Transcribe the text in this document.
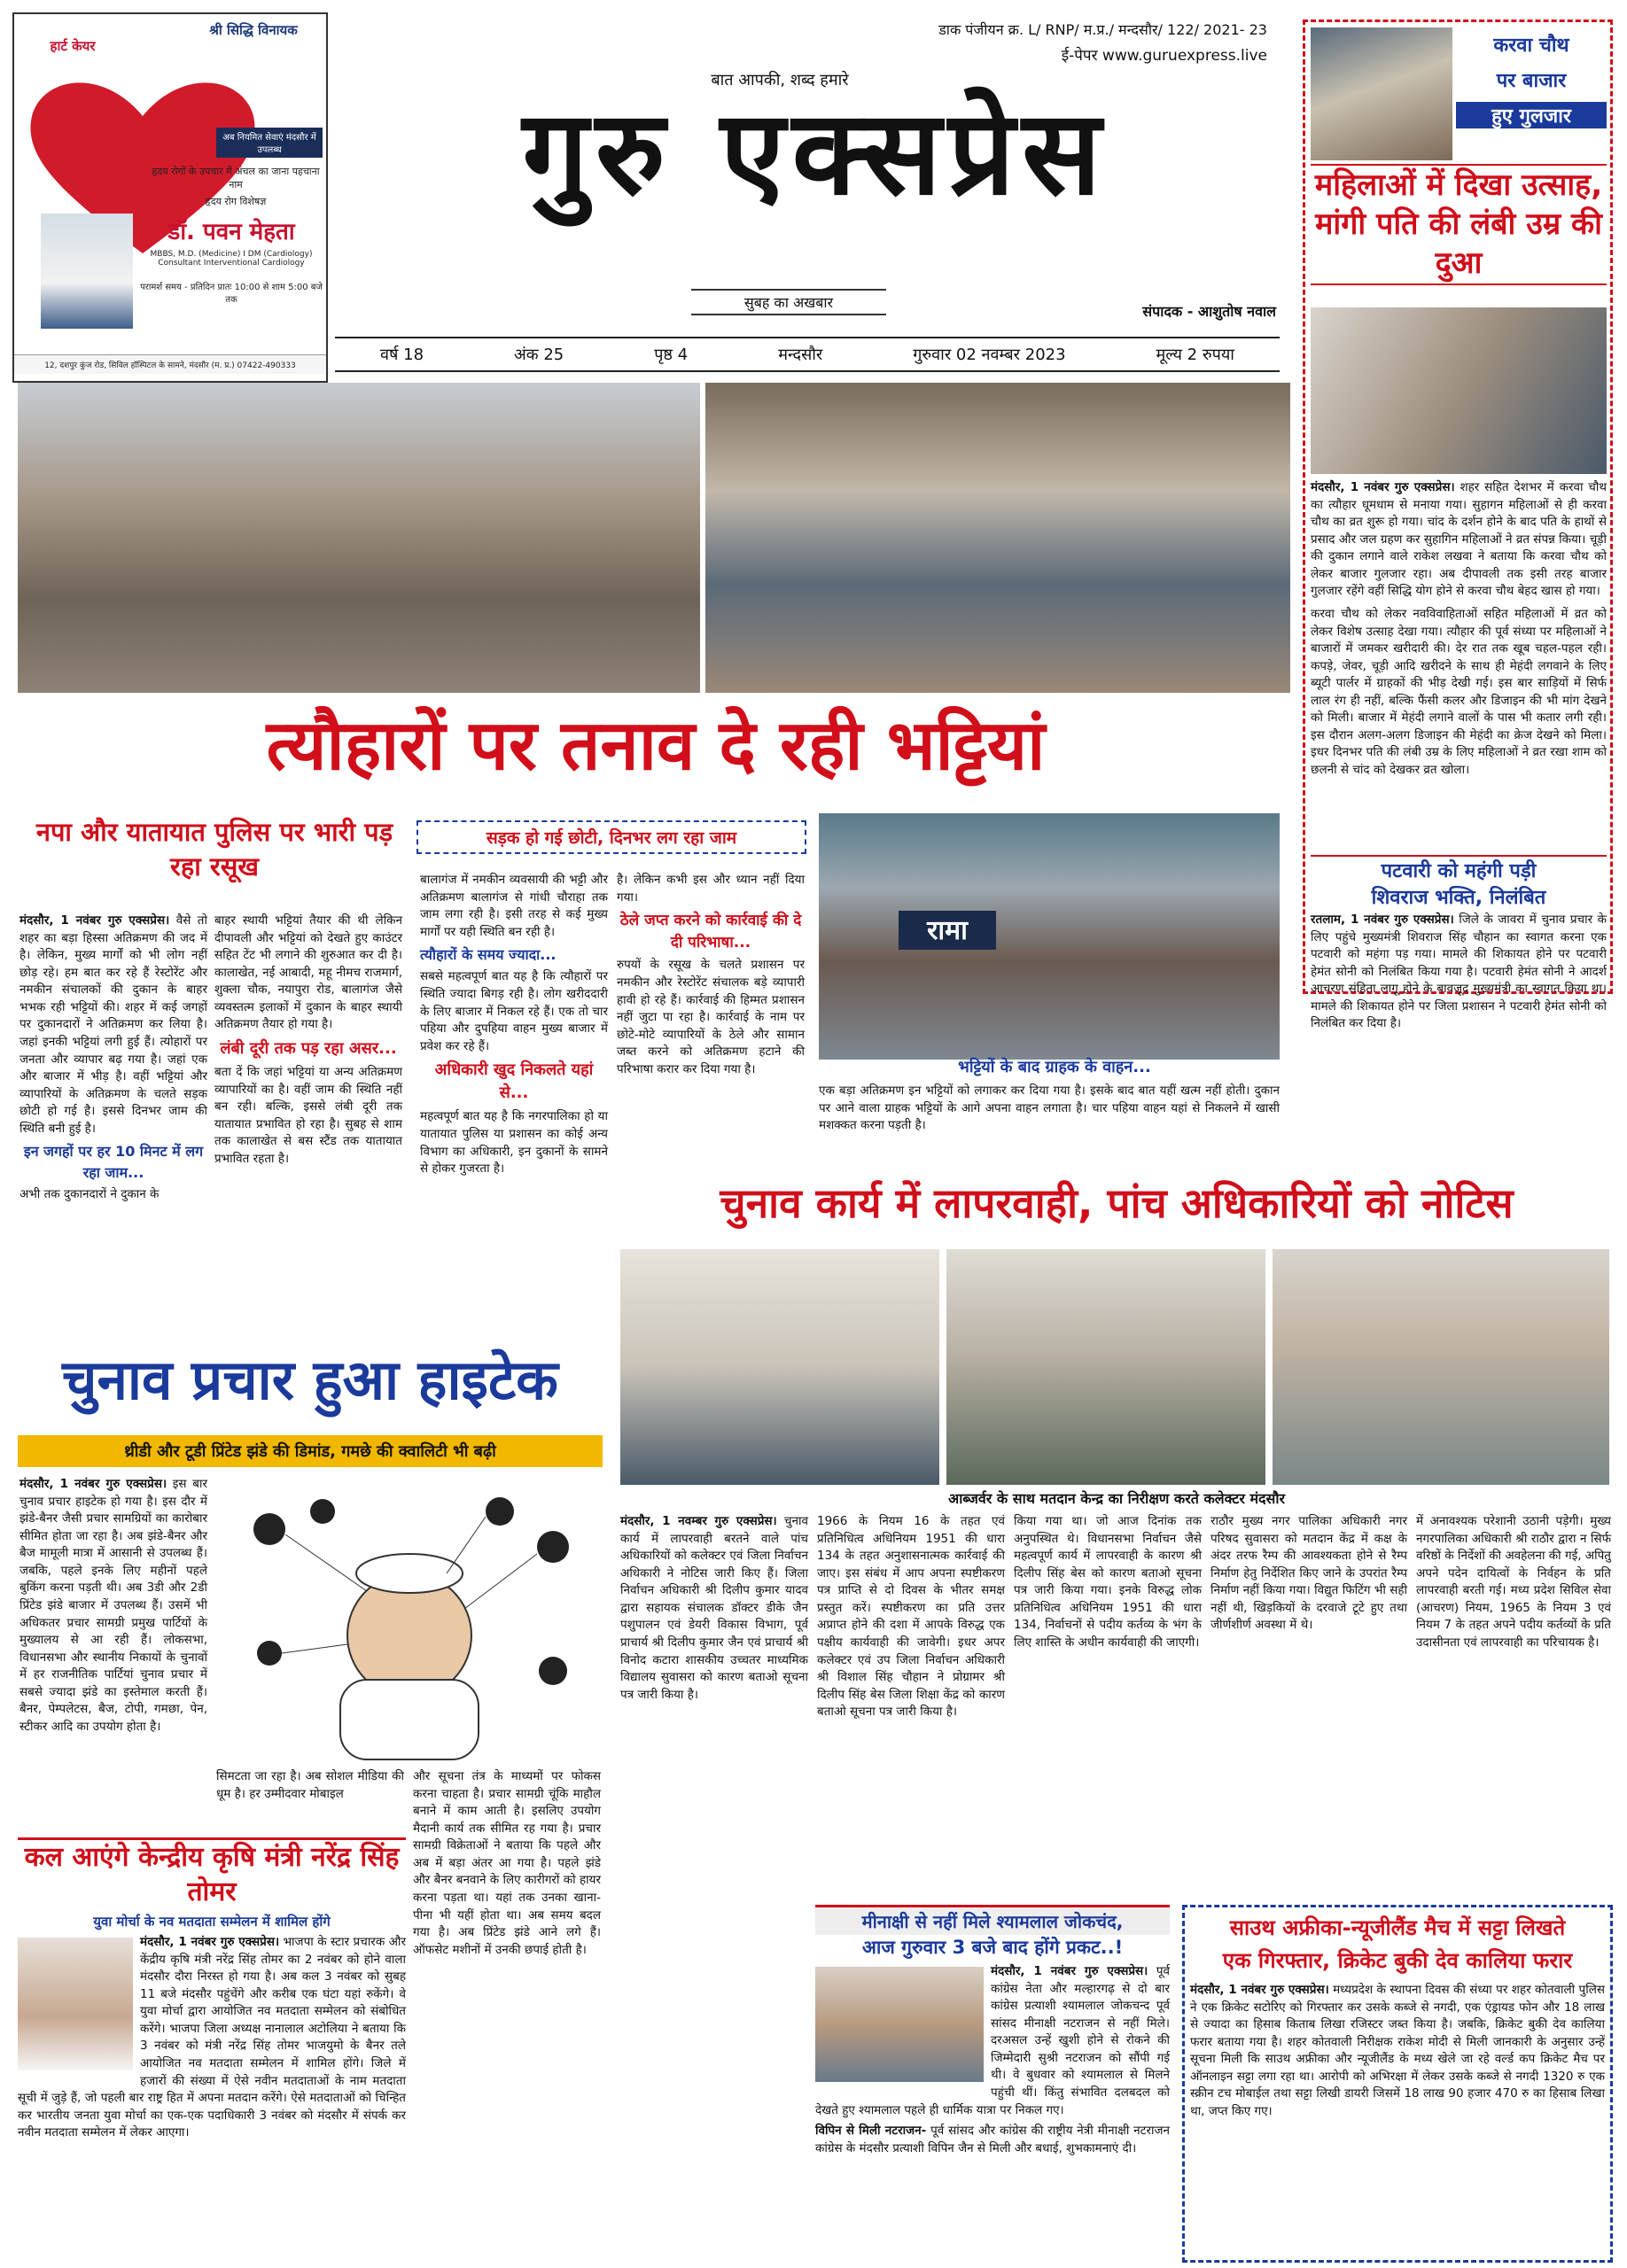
हार्ट केयर
श्री सिद्धि विनायक
अब नियमित सेवाएं मंदसौर में उपलब्ध
हृदय रोगों के उपचार में अंचल का जाना पहचाना नाम
हृदय रोग विशेषज्ञ
डॉ. पवन मेहता
MBBS, M.D. (Medicine) I DM (Cardiology) Consultant Interventional Cardiology
परामर्श समय - प्रतिदिन प्रातः 10:00 से शाम 5:00 बजे तक
12, दशपुर कुंज रोड, सिविल हॉस्पिटल के सामने, मंदसौर (म. प्र.) 07422-490333
डाक पंजीयन क्र. L/ RNP/ म.प्र./ मन्दसौर/ 122/ 2021- 23
ई-पेपर www.guruexpress.live
बात आपकी, शब्द हमारे
गुरु एक्सप्रेस
सुबह का अखबार
संपादक - आशुतोष नवाल
वर्ष 18	अंक 25	पृष्ठ 4	मन्दसौर	गुरुवार 02 नवम्बर 2023	मूल्य 2 रुपया
करवा चौथ
पर बाजार
हुए गुलजार
महिलाओं में दिखा उत्साह, मांगी पति की लंबी उम्र की दुआ
मंदसौर, 1 नवंबर गुरु एक्सप्रेस। शहर सहित देशभर में करवा चौथ का त्यौहार धूमधाम से मनाया गया। सुहागन महिलाओं से ही करवा चौथ का व्रत शुरू हो गया। चांद के दर्शन होने के बाद पति के हाथों से प्रसाद और जल ग्रहण कर सुहागिन महिलाओं ने व्रत संपन्न किया। चूड़ी की दुकान लगाने वाले राकेश लखवा ने बताया कि करवा चौथ को लेकर बाजार गुलजार रहा। अब दीपावली तक इसी तरह बाजार गुलजार रहेंगे वहीं सिद्धि योग होने से करवा चौथ बेहद खास हो गया।
करवा चौथ को लेकर नवविवाहिताओं सहित महिलाओं में व्रत को लेकर विशेष उत्साह देखा गया। त्यौहार की पूर्व संध्या पर महिलाओं ने बाजारों में जमकर खरीदारी की। देर रात तक खूब चहल-पहल रही। कपड़े, जेवर, चूड़ी आदि खरीदने के साथ ही मेहंदी लगवाने के लिए ब्यूटी पार्लर में ग्राहकों की भीड़ देखी गई। इस बार साड़ियों में सिर्फ लाल रंग ही नहीं, बल्कि फैंसी कलर और डिजाइन की भी मांग देखने को मिली। बाजार में मेहंदी लगाने वालों के पास भी कतार लगी रही। इस दौरान अलग-अलग डिजाइन की मेहंदी का क्रेज देखने को मिला। इधर दिनभर पति की लंबी उम्र के लिए महिलाओं ने व्रत रखा शाम को छलनी से चांद को देखकर व्रत खोला।
पटवारी को महंगी पड़ी
शिवराज भक्ति, निलंबित
रतलाम, 1 नवंबर गुरु एक्सप्रेस। जिले के जावरा में चुनाव प्रचार के लिए पहुंचे मुख्यमंत्री शिवराज सिंह चौहान का स्वागत करना एक पटवारी को महंगा पड़ गया। मामले की शिकायत होने पर पटवारी हेमंत सोनी को निलंबित किया गया है। पटवारी हेमंत सोनी ने आदर्श आचरण संहिता लागू होने के बावजूद मुख्यमंत्री का स्वागत किया था। मामले की शिकायत होने पर जिला प्रशासन ने पटवारी हेमंत सोनी को निलंबित कर दिया है।
त्यौहारों पर तनाव दे रही भट्टियां
नपा और यातायात पुलिस पर भारी पड़ रहा रसूख
सड़क हो गई छोटी, दिनभर लग रहा जाम
मंदसौर, 1 नवंबर गुरु एक्सप्रेस। वैसे तो शहर का बड़ा हिस्सा अतिक्रमण की जद में है। लेकिन, मुख्य मार्गों को भी लोग नहीं छोड़ रहे। हम बात कर रहे हैं रेस्टोरेंट और नमकीन संचालकों की दुकान के बाहर भभक रही भट्टियों की। शहर में कई जगहों पर दुकानदारों ने अतिक्रमण कर लिया है। जहां इनकी भट्टियां लगी हुई हैं। त्योहारों पर जनता और व्यापार बढ़ गया है। जहां एक और बाजार में भीड़ है। वहीं भट्टियां और व्यापारियों के अतिक्रमण के चलते सड़क छोटी हो गई है। इससे दिनभर जाम की स्थिति बनी हुई है।
इन जगहों पर हर 10 मिनट में लग रहा जाम...
अभी तक दुकानदारों ने दुकान के
बाहर स्थायी भट्टियां तैयार की थी लेकिन दीपावली और भट्टियां को देखते हुए काउंटर सहित टेंट भी लगाने की शुरुआत कर दी है। कालाखेत, नई आबादी, महू नीमच राजमार्ग, शुक्ला चौक, नयापुरा रोड, बालागंज जैसे व्यवस्तत्म इलाकों में दुकान के बाहर स्थायी अतिक्रमण तैयार हो गया है।
लंबी दूरी तक पड़ रहा असर...
बता दें कि जहां भट्टियां या अन्य अतिक्रमण व्यापारियों का है। वहीं जाम की स्थिति नहीं बन रही। बल्कि, इससे लंबी दूरी तक यातायात प्रभावित हो रहा है। सुबह से शाम तक कालाखेत से बस स्टैंड तक यातायात प्रभावित रहता है।
बालागंज में नमकीन व्यवसायी की भट्टी और अतिक्रमण बालागंज से गांधी चौराहा तक जाम लगा रही है। इसी तरह से कई मुख्य मार्गों पर यही स्थिति बन रही है।
त्यौहारों के समय ज्यादा...
सबसे महत्वपूर्ण बात यह है कि त्यौहारों पर स्थिति ज्यादा बिगड़ रही है। लोग खरीददारी के लिए बाजार में निकल रहे हैं। एक तो चार पहिया और दुपहिया वाहन मुख्य बाजार में प्रवेश कर रहे हैं।
अधिकारी खुद निकलते यहां से...
महत्वपूर्ण बात यह है कि नगरपालिका हो या यातायात पुलिस या प्रशासन का कोई अन्य विभाग का अधिकारी, इन दुकानों के सामने से होकर गुजरता है।
है। लेकिन कभी इस और ध्यान नहीं दिया गया।
ठेले जप्त करने को कार्रवाई की दे दी परिभाषा...
रुपयों के रसूख के चलते प्रशासन पर नमकीन और रेस्टोरेंट संचालक बड़े व्यापारी हावी हो रहे हैं। कार्रवाई की हिम्मत प्रशासन नहीं जुटा पा रहा है। कार्रवाई के नाम पर छोटे-मोटे व्यापारियों के ठेले और सामान जब्त करने को अतिक्रमण हटाने की परिभाषा करार कर दिया गया है।
रामा
भट्टियों के बाद ग्राहक के वाहन...
एक बड़ा अतिक्रमण इन भट्टियों को लगाकर कर दिया गया है। इसके बाद बात यहीं खत्म नहीं होती। दुकान पर आने वाला ग्राहक भट्टियों के आगे अपना वाहन लगाता है। चार पहिया वाहन यहां से निकलने में खासी मशक्कत करना पड़ती है।
चुनाव कार्य में लापरवाही, पांच अधिकारियों को नोटिस
आब्जर्वर के साथ मतदान केन्द्र का निरीक्षण करते कलेक्टर मंदसौर
मंदसौर, 1 नवम्बर गुरु एक्सप्रेस। चुनाव कार्य में लापरवाही बरतने वाले पांच अधिकारियों को कलेक्टर एवं जिला निर्वाचन अधिकारी ने नोटिस जारी किए हैं। जिला निर्वाचन अधिकारी श्री दिलीप कुमार यादव द्वारा सहायक संचालक डॉक्टर डीके जैन पशुपालन एवं डेयरी विकास विभाग, पूर्व प्राचार्य श्री दिलीप कुमार जैन एवं प्राचार्य श्री विनोद कटारा शासकीय उच्चतर माध्यमिक विद्यालय सुवासरा को कारण बताओ सूचना पत्र जारी किया है।
1966 के नियम 16 के तहत एवं प्रतिनिधित्व अधिनियम 1951 की धारा 134 के तहत अनुशासनात्मक कार्रवाई की जाए। इस संबंध में आप अपना स्पष्टीकरण पत्र प्राप्ति से दो दिवस के भीतर समक्ष प्रस्तुत करें। स्पष्टीकरण का प्रति उत्तर अप्राप्त होने की दशा में आपके विरुद्ध एक पक्षीय कार्यवाही की जावेगी। इधर अपर कलेक्टर एवं उप जिला निर्वाचन अधिकारी श्री विशाल सिंह चौहान ने प्रोग्रामर श्री दिलीप सिंह बेस जिला शिक्षा केंद्र को कारण बताओ सूचना पत्र जारी किया है।
किया गया था। जो आज दिनांक तक अनुपस्थित थे। विधानसभा निर्वाचन जैसे महत्वपूर्ण कार्य में लापरवाही के कारण श्री दिलीप सिंह बेस को कारण बताओ सूचना पत्र जारी किया गया। इनके विरुद्ध लोक प्रतिनिधित्व अधिनियम 1951 की धारा 134, निर्वाचनों से पदीय कर्तव्य के भंग के लिए शास्ति के अधीन कार्यवाही की जाएगी।
राठौर मुख्य नगर पालिका अधिकारी नगर परिषद सुवासरा को मतदान केंद्र में कक्ष के अंदर तरफ रैम्प की आवश्यकता होने से रैम्प निर्माण हेतु निर्देशित किए जाने के उपरांत रैम्प निर्माण नहीं किया गया। विद्युत फिटिंग भी सही नहीं थी, खिड़कियों के दरवाजे टूटे हुए तथा जीर्णशीर्ण अवस्था में थे।
में अनावश्यक परेशानी उठानी पड़ेगी। मुख्य नगरपालिका अधिकारी श्री राठौर द्वारा न सिर्फ वरिष्ठों के निर्देशों की अवहेलना की गई, अपितु अपने पदेन दायित्वों के निर्वहन के प्रति लापरवाही बरती गई। मध्य प्रदेश सिविल सेवा (आचरण) नियम, 1965 के नियम 3 एवं नियम 7 के तहत अपने पदीय कर्तव्यों के प्रति उदासीनता एवं लापरवाही का परिचायक है।
चुनाव प्रचार हुआ हाइटेक
थ्रीडी और टूडी प्रिंटेड झंडे की डिमांड, गमछे की क्वालिटी भी बढ़ी
मंदसौर, 1 नवंबर गुरु एक्सप्रेस। इस बार चुनाव प्रचार हाइटेक हो गया है। इस दौर में झंडे-बैनर जैसी प्रचार सामग्रियों का कारोबार सीमित होता जा रहा है। अब झंडे-बैनर और बैज मामूली मात्रा में आसानी से उपलब्ध हैं। जबकि, पहले इनके लिए महीनों पहले बुकिंग करना पड़ती थी। अब 3डी और 2डी प्रिंटेड झंडे बाजार में उपलब्ध हैं। उसमें भी अधिकतर प्रचार सामग्री प्रमुख पार्टियों के मुख्यालय से आ रही हैं। लोकसभा, विधानसभा और स्थानीय निकायों के चुनावों में हर राजनीतिक पार्टियां चुनाव प्रचार में सबसे ज्यादा झंडे का इस्तेमाल करती हैं। बैनर, पेम्पलेटस, बैज, टोपी, गमछा, पेन, स्टीकर आदि का उपयोग होता है।
सिमटता जा रहा है। अब सोशल मीडिया की धूम है। हर उम्मीदवार मोबाइल
और सूचना तंत्र के माध्यमों पर फोकस करना चाहता है। प्रचार सामग्री चूंकि माहौल बनाने में काम आती है। इसलिए उपयोग मैदानी कार्य तक सीमित रह गया है। प्रचार सामग्री विक्रेताओं ने बताया कि पहले और अब में बड़ा अंतर आ गया है। पहले झंडे और बैनर बनवाने के लिए कारीगरों को हायर करना पड़ता था। यहां तक उनका खाना-पीना भी यहीं होता था। अब समय बदल गया है। अब प्रिंटेड झंडे आने लगे हैं। ऑफसेट मशीनों में उनकी छपाई होती है।
कल आएंगे केन्द्रीय कृषि मंत्री नरेंद्र सिंह तोमर
युवा मोर्चा के नव मतदाता सम्मेलन में शामिल होंगे
मंदसौर, 1 नवंबर गुरु एक्सप्रेस। भाजपा के स्टार प्रचारक और केंद्रीय कृषि मंत्री नरेंद्र सिंह तोमर का 2 नवंबर को होने वाला मंदसौर दौरा निरस्त हो गया है। अब कल 3 नवंबर को सुबह 11 बजे मंदसौर पहुंचेंगे और करीब एक घंटा यहां रुकेंगे। वे युवा मोर्चा द्वारा आयोजित नव मतदाता सम्मेलन को संबोधित करेंगे। भाजपा जिला अध्यक्ष नानालाल अटोलिया ने बताया कि 3 नवंबर को मंत्री नरेंद्र सिंह तोमर भाजयुमो के बैनर तले आयोजित नव मतदाता सम्मेलन में शामिल होंगे। जिले में हजारों की संख्या में ऐसे नवीन मतदाताओं के नाम मतदाता सूची में जुड़े हैं, जो पहली बार राष्ट्र हित में अपना मतदान करेंगे। ऐसे मतदाताओं को चिन्हित कर भारतीय जनता युवा मोर्चा का एक-एक पदाधिकारी 3 नवंबर को मंदसौर में संपर्क कर नवीन मतदाता सम्मेलन में लेकर आएगा।
मीनाक्षी से नहीं मिले श्यामलाल जोकचंद,
आज गुरुवार 3 बजे बाद होंगे प्रकट..!
मंदसौर, 1 नवंबर गुरु एक्सप्रेस। पूर्व कांग्रेस नेता और मल्हारगढ़ से दो बार कांग्रेस प्रत्याशी श्यामलाल जोकचन्द पूर्व सांसद मीनाक्षी नटराजन से नहीं मिले। दरअसल उन्हें खुशी होने से रोकने की जिम्मेदारी सुश्री नटराजन को सौंपी गई थी। वे बुधवार को श्यामलाल से मिलने पहुंची थीं। किंतु संभावित दलबदल को देखते हुए श्यामलाल पहले ही धार्मिक यात्रा पर निकल गए।
विपिन से मिली नटराजन- पूर्व सांसद और कांग्रेस की राष्ट्रीय नेत्री मीनाक्षी नटराजन कांग्रेस के मंदसौर प्रत्याशी विपिन जैन से मिली और बधाई, शुभकामनाएं दी।
साउथ अफ्रीका-न्यूजीलैंड मैच में सट्टा लिखते
एक गिरफ्तार, क्रिकेट बुकी देव कालिया फरार
मंदसौर, 1 नवंबर गुरु एक्सप्रेस। मध्यप्रदेश के स्थापना दिवस की संध्या पर शहर कोतवाली पुलिस ने एक क्रिकेट सटोरिए को गिरफ्तार कर उसके कब्जे से नगदी, एक एंड्रायड फोन और 18 लाख से ज्यादा का हिसाब किताब लिखा रजिस्टर जब्त किया है। जबकि, क्रिकेट बुकी देव कालिया फरार बताया गया है। शहर कोतवाली निरीक्षक राकेश मोदी से मिली जानकारी के अनुसार उन्हें सूचना मिली कि साउथ अफ्रीका और न्यूजीलैंड के मध्य खेले जा रहे वर्ल्ड कप क्रिकेट मैच पर ऑनलाइन सट्टा लगा रहा था। आरोपी को अभिरक्षा में लेकर उसके कब्जे से नगदी 1320 रु एक स्क्रीन टच मोबाईल तथा सट्टा लिखी डायरी जिसमें 18 लाख 90 हजार 470 रु का हिसाब लिखा था, जप्त किए गए।
